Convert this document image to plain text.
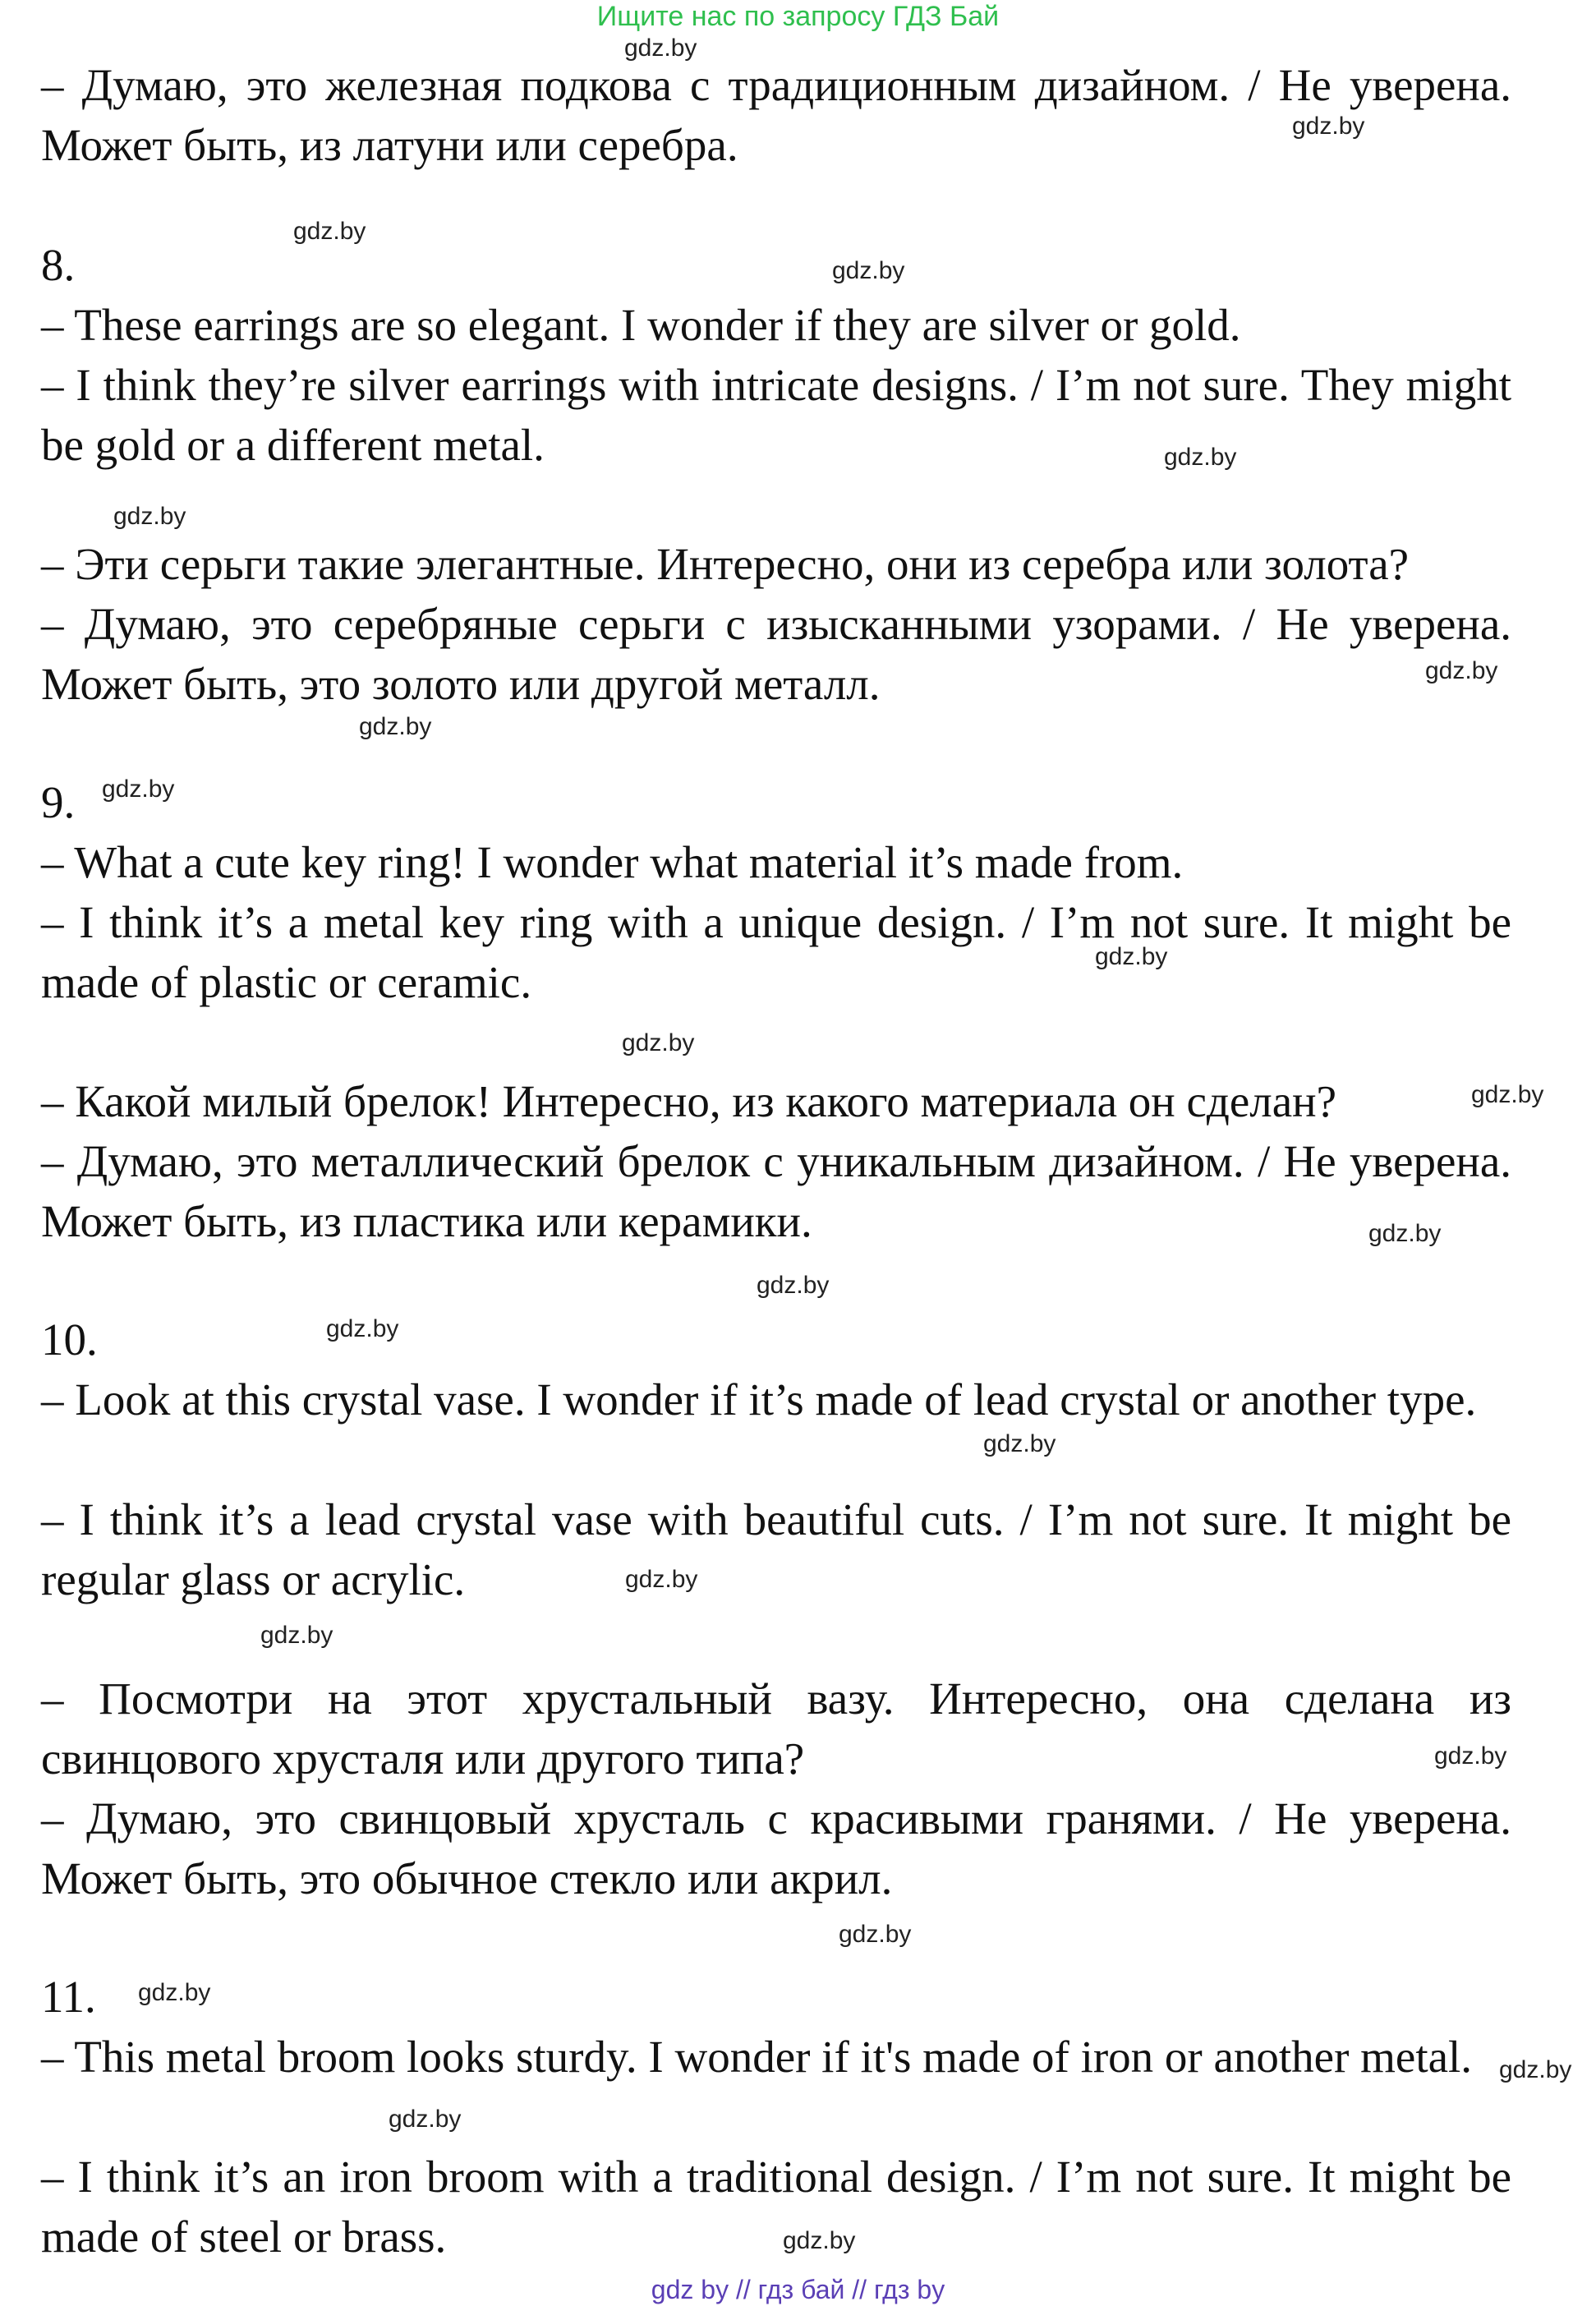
Ищите нас по запросу ГДЗ Бай
– Думаю, это железная подкова с традиционным дизайном. / Не уверена. Может быть, из латуни или серебра.
8.
– These earrings are so elegant. I wonder if they are silver or gold.
– I think they’re silver earrings with intricate designs. / I’m not sure. They might be gold or a different metal.
– Эти серьги такие элегантные. Интересно, они из серебра или золота?
– Думаю, это серебряные серьги с изысканными узорами. / Не уверена. Может быть, это золото или другой металл.
9.
– What a cute key ring! I wonder what material it’s made from.
– I think it’s a metal key ring with a unique design. / I’m not sure. It might be made of plastic or ceramic.
– Какой милый брелок! Интересно, из какого материала он сделан?
– Думаю, это металлический брелок с уникальным дизайном. / Не уверена. Может быть, из пластика или керамики.
10.
– Look at this crystal vase. I wonder if it’s made of lead crystal or another type.
– I think it’s a lead crystal vase with beautiful cuts. / I’m not sure. It might be regular glass or acrylic.
– Посмотри на этот хрустальный вазу. Интересно, она сделана из свинцового хрусталя или другого типа?
– Думаю, это свинцовый хрусталь с красивыми гранями. / Не уверена. Может быть, это обычное стекло или акрил.
11.
– This metal broom looks sturdy. I wonder if it's made of iron or another metal.
– I think it’s an iron broom with a traditional design. / I’m not sure. It might be made of steel or brass.
gdz.by
gdz.by
gdz.by
gdz.by
gdz.by
gdz.by
gdz.by
gdz.by
gdz.by
gdz.by
gdz.by
gdz.by
gdz.by
gdz.by
gdz.by
gdz.by
gdz.by
gdz.by
gdz.by
gdz.by
gdz.by
gdz.by
gdz.by
gdz.by
gdz by // гдз бай // гдз by
